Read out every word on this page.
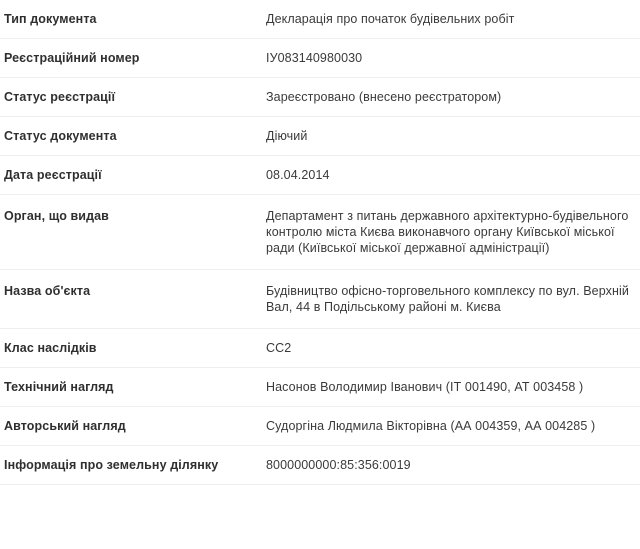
Тип документа	Декларація про початок будівельних робіт

Реєстраційний номер	ІУ083140980030

Статус реєстрації	Зареєстровано (внесено реєстратором)

Статус документа	Діючий

Дата реєстрації	08.04.2014

Орган, що видав	Департамент з питань державного архітектурно-будівельного
контролю міста Києва виконавчого органу Київської міської
ради (Київської міської державної адміністрації)

Назва об'єкта	Будівництво офісно-торговельного комплексу по вул. Верхній
Вал, 44 в Подільському районі м. Києва

Клас наслідків	СС2

Технічний нагляд	Насонов Володимир Іванович (ІТ 001490, АТ 003458 )

Авторський нагляд	Судоргіна Людмила Вікторівна (АА 004359, АА 004285 )

Інформація про земельну ділянку	8000000000:85:356:0019
